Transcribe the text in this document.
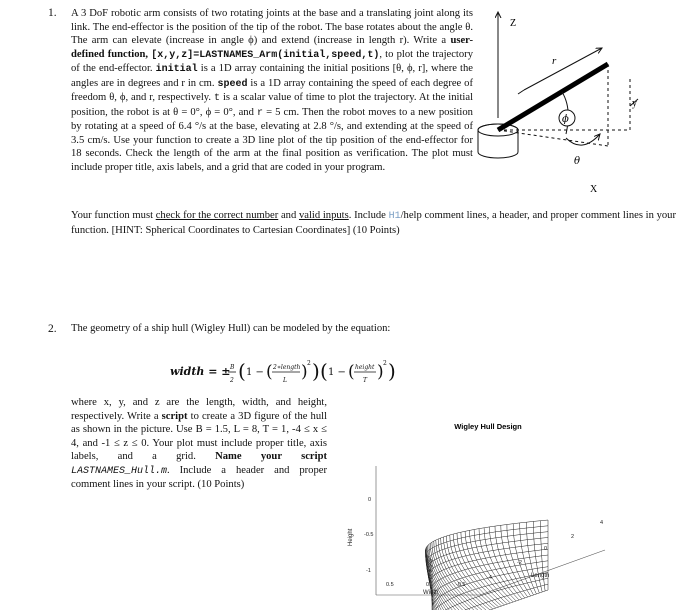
1. A 3 DoF robotic arm consists of two rotating joints at the base and a translating joint along its link. The end-effector is the position of the tip of the robot. The base rotates about the angle θ. The arm can elevate (increase in angle ϕ) and extend (increase in length r). Write a user-defined function, [x,y,z]=LASTNAMES_Arm(initial,speed,t), to plot the trajectory of the end-effector. initial is a 1D array containing the initial positions [θ, ϕ, r], where the angles are in degrees and r in cm. speed is a 1D array containing the speed of each degree of freedom θ, ϕ, and r, respectively. t is a scalar value of time to plot the trajectory. At the initial position, the robot is at θ = 0°, ϕ = 0°, and r = 5 cm. Then the robot moves to a new position by rotating at a speed of 6.4 °/s at the base, elevating at 2.8 °/s, and extending at the speed of 3.5 cm/s. Use your function to create a 3D line plot of the tip position of the end-effector for 18 seconds. Check the length of the arm at the final position as verification. The plot must include proper title, axis labels, and a grid that are coded in your program.
Your function must check for the correct number and valid inputs. Include H1/help comment lines, a header, and proper comment lines in your function. [HINT: Spherical Coordinates to Cartesian Coordinates] (10 Points)
Z
y
r
ϕ
θ
X
2. The geometry of a ship hull (Wigley Hull) can be modeled by the equation:
width = ± B
2 ( 1 − ( 2∗length
L ) 2 ) ( 1 − ( height
T ) 2 )
where x, y, and z are the length, width, and height, respectively. Write a script to create a 3D figure of the hull as shown in the picture. Use B = 1.5, L = 8, T = 1, -4 ≤ x ≤ 4, and -1 ≤ z ≤ 0. Your plot must include proper title, axis labels, and a grid. Name your script LASTNAMES_Hull.m. Include a header and proper comment lines in your script. (10 Points)
Wigley Hull Design
0
-0.5
-1
0.5	0	-0.5
4
2
0
-2
-4
Width
Length
Height
